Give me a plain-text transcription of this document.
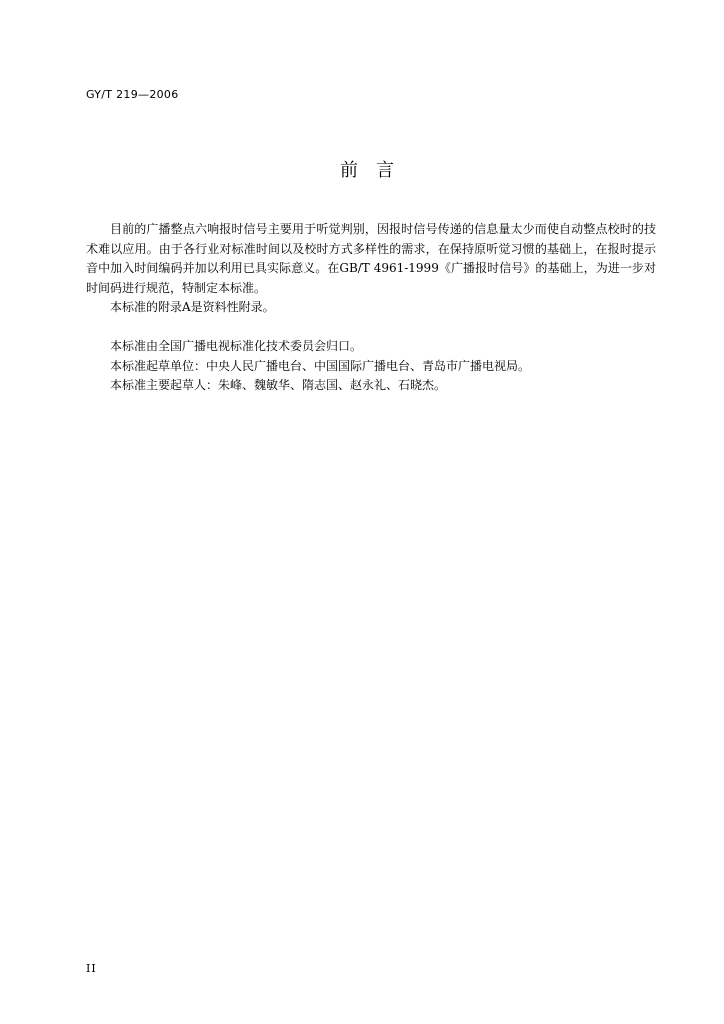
GY/T 219—2006
前　言

目前的广播整点六响报时信号主要用于听觉判别，因报时信号传递的信息量太少而使自动整点校时的技术难以应用。由于各行业对标准时间以及校时方式多样性的需求，在保持原听觉习惯的基础上，在报时提示音中加入时间编码并加以利用已具实际意义。在GB/T 4961-1999《广播报时信号》的基础上，为进一步对时间码进行规范，特制定本标准。

本标准的附录A是资料性附录。

本标准由全国广播电视标准化技术委员会归口。

本标准起草单位：中央人民广播电台、中国国际广播电台、青岛市广播电视局。

本标准主要起草人：朱峰、魏敏华、隋志国、赵永礼、石晓杰。

II
